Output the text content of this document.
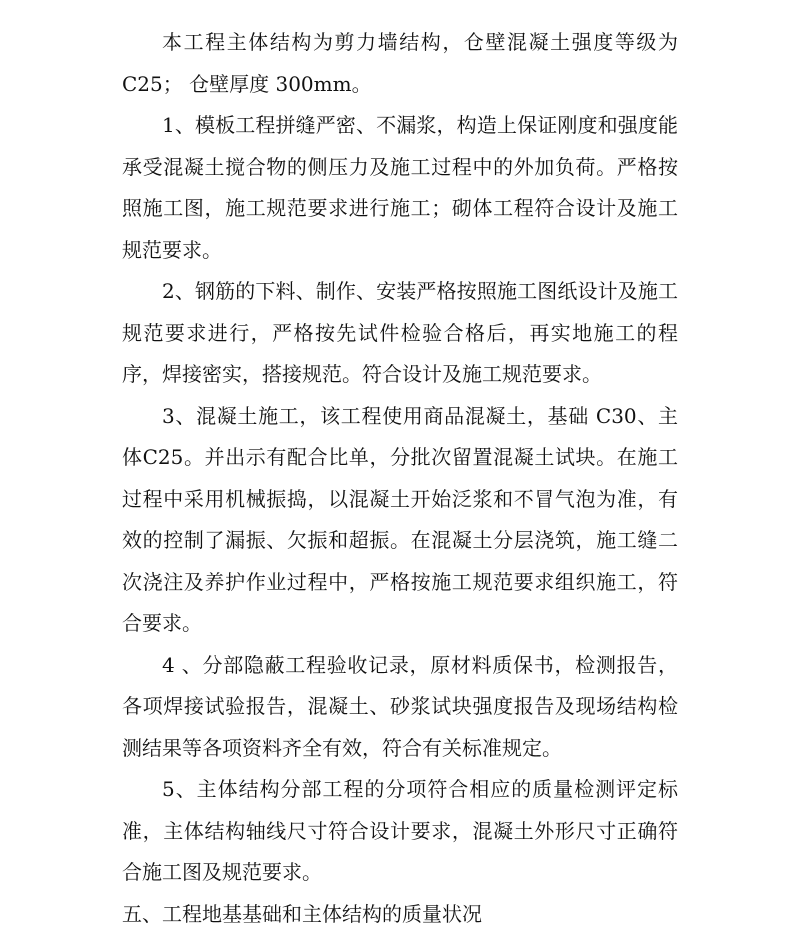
本工程主体结构为剪力墙结构，仓壁混凝土强度等级为C25； 仓壁厚度 300mm。

1、模板工程拼缝严密、不漏浆，构造上保证刚度和强度能承受混凝土搅合物的侧压力及施工过程中的外加负荷。严格按照施工图，施工规范要求进行施工；砌体工程符合设计及施工规范要求。

2、钢筋的下料、制作、安装严格按照施工图纸设计及施工规范要求进行，严格按先试件检验合格后，再实地施工的程序，焊接密实，搭接规范。符合设计及施工规范要求。

3、混凝土施工，该工程使用商品混凝土，基础 C30、主体C25。并出示有配合比单，分批次留置混凝土试块。在施工过程中采用机械振捣，以混凝土开始泛浆和不冒气泡为准，有效的控制了漏振、欠振和超振。在混凝土分层浇筑，施工缝二次浇注及养护作业过程中，严格按施工规范要求组织施工，符合要求。

4 、分部隐蔽工程验收记录，原材料质保书，检测报告，各项焊接试验报告，混凝土、砂浆试块强度报告及现场结构检测结果等各项资料齐全有效，符合有关标准规定。

5、主体结构分部工程的分项符合相应的质量检测评定标准，主体结构轴线尺寸符合设计要求，混凝土外形尺寸正确符合施工图及规范要求。

五、工程地基基础和主体结构的质量状况
